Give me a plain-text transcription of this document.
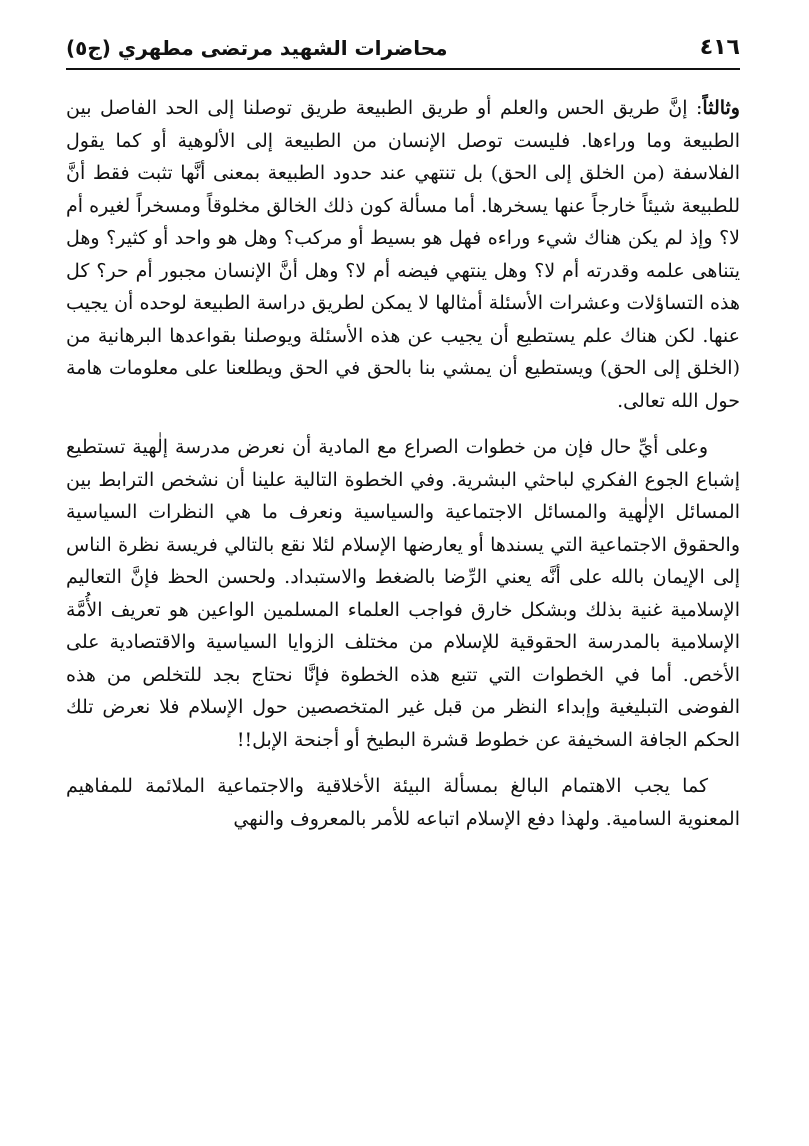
٤١٦
محاضرات الشهيد مرتضى مطهري (ج٥)

وثالثاً: إنَّ طريق الحس والعلم أو طريق الطبيعة طريق توصلنا إلى الحد الفاصل بين الطبيعة وما وراءها. فليست توصل الإنسان من الطبيعة إلى الألوهية أو كما يقول الفلاسفة (من الخلق إلى الحق) بل تنتهي عند حدود الطبيعة بمعنى أنَّها تثبت فقط أنَّ للطبيعة شيئاً خارجاً عنها يسخرها. أما مسألة كون ذلك الخالق مخلوقاً ومسخراً لغيره أم لا؟ وإذ لم يكن هناك شيء وراءه فهل هو بسيط أو مركب؟ وهل هو واحد أو كثير؟ وهل يتناهى علمه وقدرته أم لا؟ وهل ينتهي فيضه أم لا؟ وهل أنَّ الإنسان مجبور أم حر؟ كل هذه التساؤلات وعشرات الأسئلة أمثالها لا يمكن لطريق دراسة الطبيعة لوحده أن يجيب عنها. لكن هناك علم يستطيع أن يجيب عن هذه الأسئلة ويوصلنا بقواعدها البرهانية من (الخلق إلى الحق) ويستطيع أن يمشي بنا بالحق في الحق ويطلعنا على معلومات هامة حول الله تعالى.

وعلى أيِّ حال فإن من خطوات الصراع مع المادية أن نعرض مدرسة إلٰهية تستطيع إشباع الجوع الفكري لباحثي البشرية. وفي الخطوة التالية علينا أن نشخص الترابط بين المسائل الإلٰهية والمسائل الاجتماعية والسياسية ونعرف ما هي النظرات السياسية والحقوق الاجتماعية التي يسندها أو يعارضها الإسلام لئلا نقع بالتالي فريسة نظرة الناس إلى الإيمان بالله على أنَّه يعني الرِّضا بالضغط والاستبداد. ولحسن الحظ فإنَّ التعاليم الإسلامية غنية بذلك وبشكل خارق فواجب العلماء المسلمين الواعين هو تعريف الأُمَّة الإسلامية بالمدرسة الحقوقية للإسلام من مختلف الزوايا السياسية والاقتصادية على الأخص. أما في الخطوات التي تتبع هذه الخطوة فإنَّا نحتاج بجد للتخلص من هذه الفوضى التبليغية وإبداء النظر من قبل غير المتخصصين حول الإسلام فلا نعرض تلك الحكم الجافة السخيفة عن خطوط قشرة البطيخ أو أجنحة الإبل!!

كما يجب الاهتمام البالغ بمسألة البيئة الأخلاقية والاجتماعية الملائمة للمفاهيم المعنوية السامية. ولهذا دفع الإسلام اتباعه للأمر بالمعروف والنهي
